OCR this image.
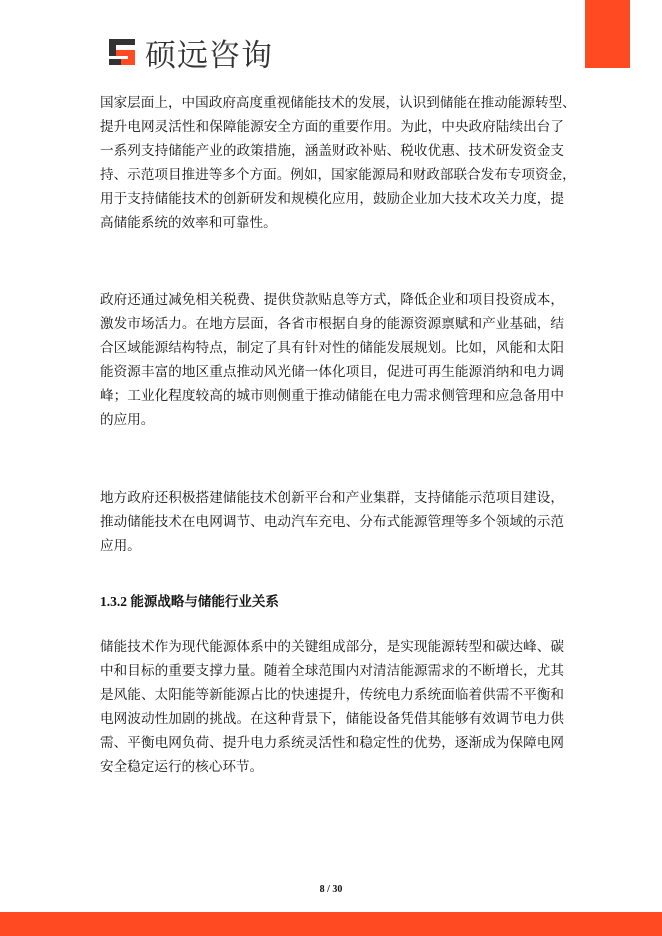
硕远咨询
国家层面上，中国政府高度重视储能技术的发展，认识到储能在推动能源转型、
提升电网灵活性和保障能源安全方面的重要作用。为此，中央政府陆续出台了
一系列支持储能产业的政策措施，涵盖财政补贴、税收优惠、技术研发资金支
持、示范项目推进等多个方面。例如，国家能源局和财政部联合发布专项资金，
用于支持储能技术的创新研发和规模化应用，鼓励企业加大技术攻关力度，提
高储能系统的效率和可靠性。
政府还通过减免相关税费、提供贷款贴息等方式，降低企业和项目投资成本，
激发市场活力。在地方层面，各省市根据自身的能源资源禀赋和产业基础，结
合区域能源结构特点，制定了具有针对性的储能发展规划。比如，风能和太阳
能资源丰富的地区重点推动风光储一体化项目，促进可再生能源消纳和电力调
峰；工业化程度较高的城市则侧重于推动储能在电力需求侧管理和应急备用中
的应用。
地方政府还积极搭建储能技术创新平台和产业集群，支持储能示范项目建设，
推动储能技术在电网调节、电动汽车充电、分布式能源管理等多个领域的示范
应用。
1.3.2 能源战略与储能行业关系
储能技术作为现代能源体系中的关键组成部分，是实现能源转型和碳达峰、碳
中和目标的重要支撑力量。随着全球范围内对清洁能源需求的不断增长，尤其
是风能、太阳能等新能源占比的快速提升，传统电力系统面临着供需不平衡和
电网波动性加剧的挑战。在这种背景下，储能设备凭借其能够有效调节电力供
需、平衡电网负荷、提升电力系统灵活性和稳定性的优势，逐渐成为保障电网
安全稳定运行的核心环节。
8 / 30
